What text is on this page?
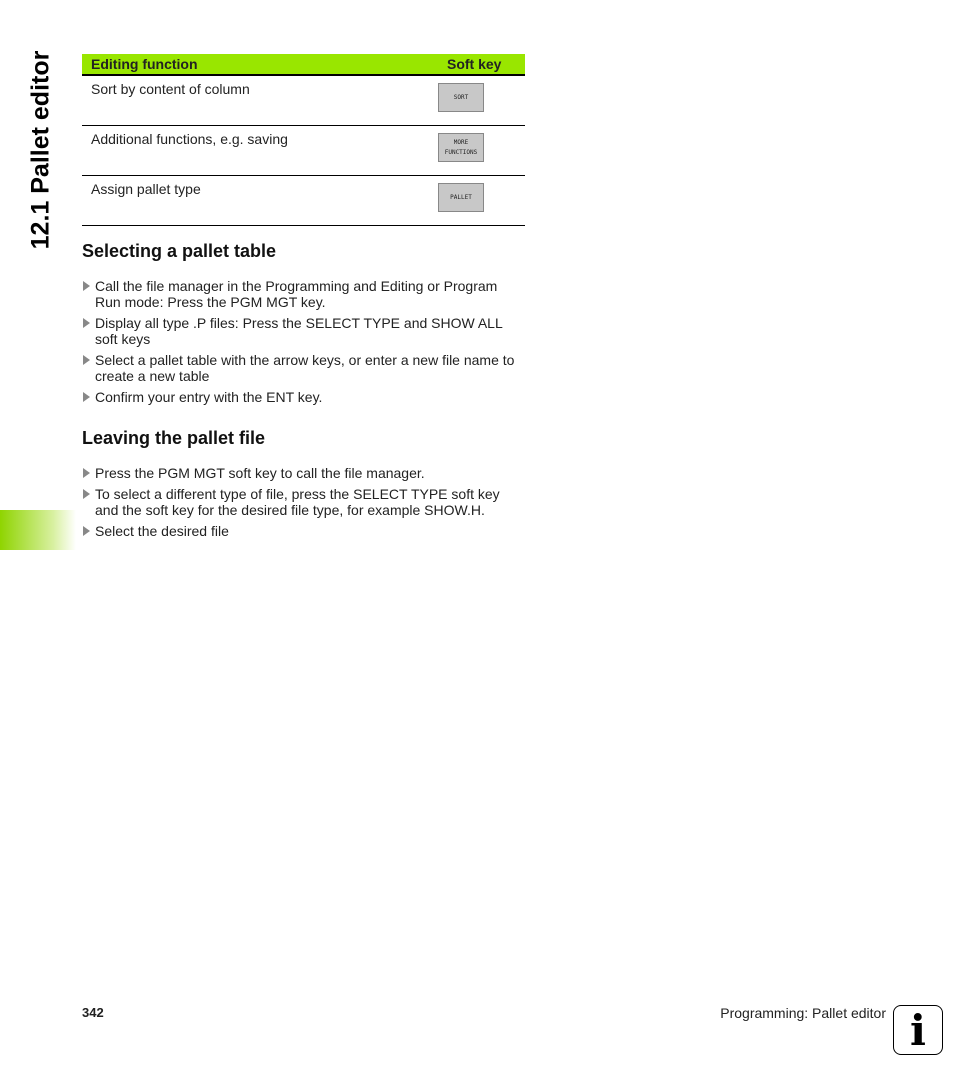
12.1 Pallet editor	Editing function	Soft key
Sort by content of column	SORT

Additional functions, e.g. saving	MORE
FUNCTIONS

Assign pallet type	PALLET
Selecting a pallet table
Call the file manager in the Programming and Editing or Program Run mode: Press the PGM MGT key.
Display all type .P files: Press the SELECT TYPE and SHOW ALL soft keys
Select a pallet table with the arrow keys, or enter a new file name to create a new table
Confirm your entry with the ENT key.
Leaving the pallet file
Press the PGM MGT soft key to call the file manager.
To select a different type of file, press the SELECT TYPE soft key and the soft key for the desired file type, for example SHOW.H.
Select the desired file
342	Programming: Pallet editor i
